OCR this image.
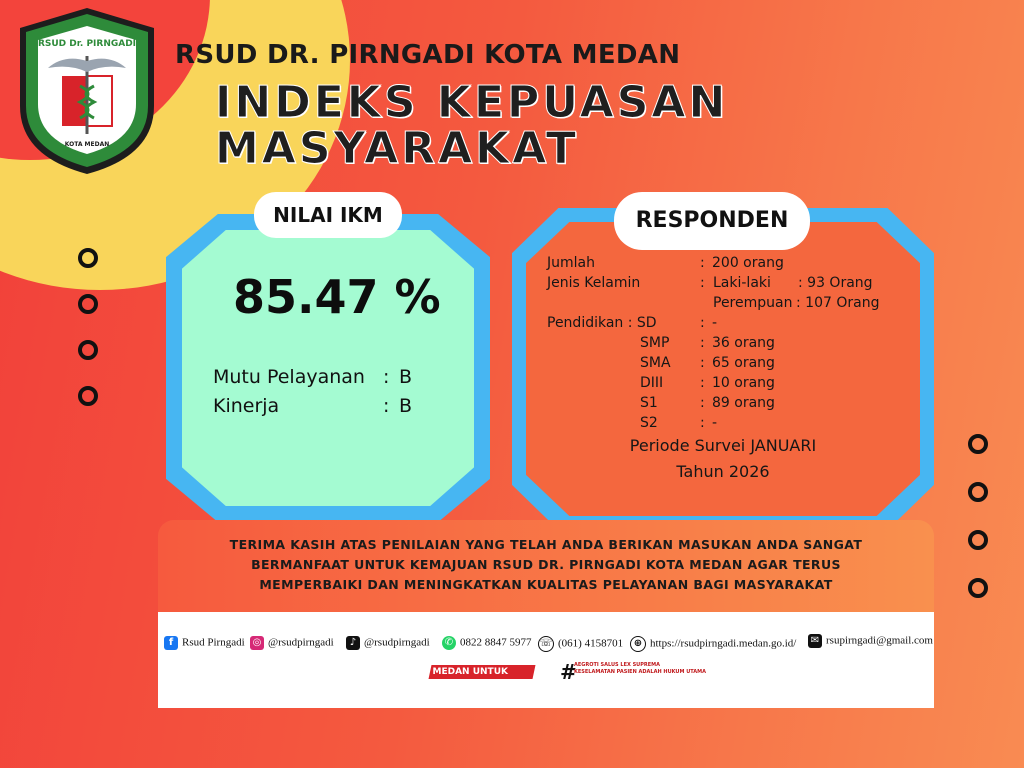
RSUD Dr. PIRNGADI
KOTA MEDAN
RSUD DR. PIRNGADI KOTA MEDAN
INDEKS KEPUASAN
MASYARAKAT
NILAI IKM
85.47 %
Mutu Pelayanan : B
Kinerja	: B
RESPONDEN
Jumlah	: 200 orang
Jenis Kelamin	: Laki-laki : 93 Orang
Perempuan : 107 Orang
Pendidikan : SD	: -
SMP : 36 orang
SMA : 65 orang
DIII	: 10 orang
S1	: 89 orang
S2	: -
Periode Survei JANUARI
Tahun 2026
TERIMA KASIH ATAS PENILAIAN YANG TELAH ANDA BERIKAN MASUKAN ANDA SANGAT
BERMANFAAT UNTUK KEMAJUAN RSUD DR. PIRNGADI KOTA MEDAN AGAR TERUS
MEMPERBAIKI DAN MENINGKATKAN KUALITAS PELAYANAN BAGI MASYARAKAT
f Rsud Pirngadi ◎ @rsudpirngadi	♪ @rsudpirngadi ✆ 0822 8847 5977 ☏ (061) 4158701	⊕ https://rsudpirngadi.medan.go.id/ ✉ rsupirngadi@gmail.com
MEDAN UNTUK SEMUA
#
AEGROTI SALUS LEX SUPREMA
KESELAMATAN PASIEN ADALAH HUKUM UTAMA
